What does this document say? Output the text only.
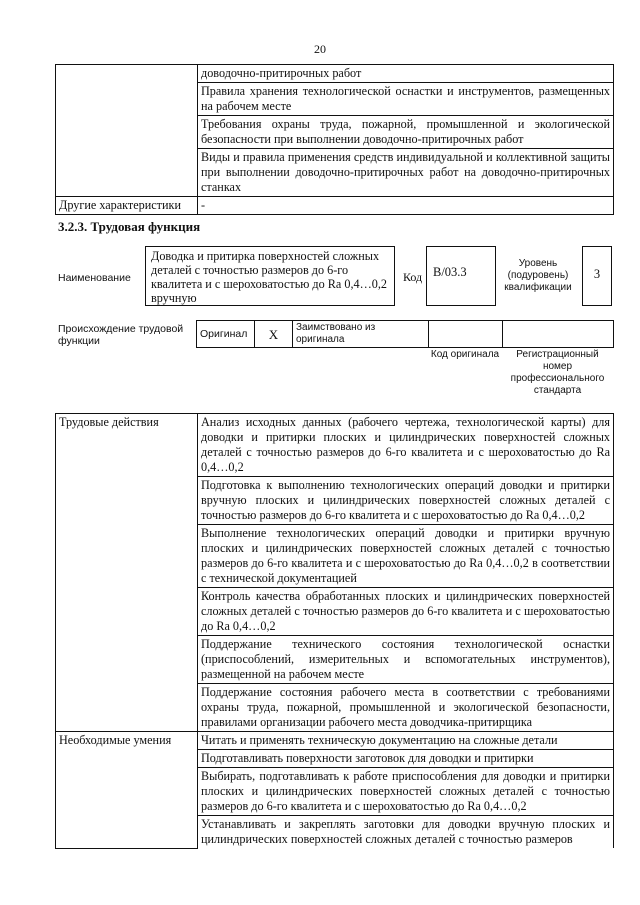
20
	доводочно-притирочных работ
	Правила хранения технологической оснастки и инструментов, размещенных на рабочем месте
	Требования охраны труда, пожарной, промышленной и экологической безопасности при выполнении доводочно-притирочных работ
	Виды и правила применения средств индивидуальной и коллективной защиты при выполнении доводочно-притирочных работ на доводочно-притирочных станках
Другие характеристики	-
3.2.3. Трудовая функция
Наименование
Доводка и притирка поверхностей сложных деталей с точностью размеров до 6-го квалитета и с шероховатостью до Ra 0,4…0,2 вручную
Код B/03.3
Уровень (подуровень) квалификации
3
Происхождение трудовой функции
Оригинал	X	Заимствовано из оригинала		
Код оригинала	Регистрационный номер профессионального стандарта
Трудовые действия	Анализ исходных данных (рабочего чертежа, технологической карты) для доводки и притирки плоских и цилиндрических поверхностей сложных деталей с точностью размеров до 6-го квалитета и с шероховатостью до Ra 0,4…0,2
	Подготовка к выполнению технологических операций доводки и притирки вручную плоских и цилиндрических поверхностей сложных деталей с точностью размеров до 6-го квалитета и с шероховатостью до Ra 0,4…0,2
	Выполнение технологических операций доводки и притирки вручную плоских и цилиндрических поверхностей сложных деталей с точностью размеров до 6-го квалитета и с шероховатостью до Ra 0,4…0,2 в соответствии с технической документацией
	Контроль качества обработанных плоских и цилиндрических поверхностей сложных деталей с точностью размеров до 6-го квалитета и с шероховатостью до Ra 0,4…0,2
	Поддержание технического состояния технологической оснастки (приспособлений, измерительных и вспомогательных инструментов), размещенной на рабочем месте
	Поддержание состояния рабочего места в соответствии с требованиями охраны труда, пожарной, промышленной и экологической безопасности, правилами организации рабочего места доводчика-притирщика
Необходимые умения	Читать и применять техническую документацию на сложные детали
	Подготавливать поверхности заготовок для доводки и притирки
	Выбирать, подготавливать к работе приспособления для доводки и притирки плоских и цилиндрических поверхностей сложных деталей с точностью размеров до 6-го квалитета и с шероховатостью до Ra 0,4…0,2
	Устанавливать и закреплять заготовки для доводки вручную плоских и цилиндрических поверхностей сложных деталей с точностью размеров
